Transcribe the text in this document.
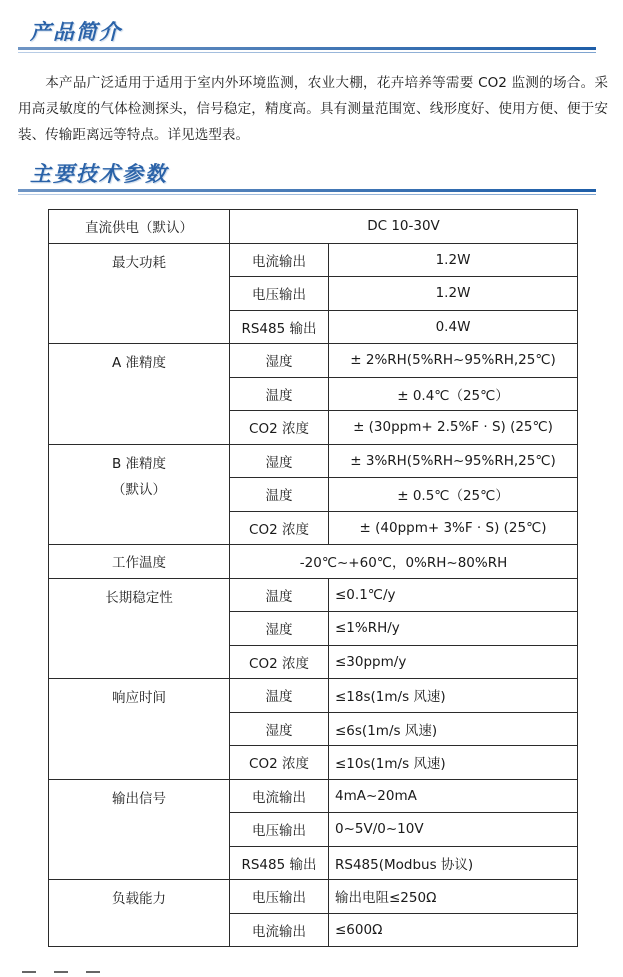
产品简介

本产品广泛适用于适用于室内外环境监测，农业大棚，花卉培养等需要 CO2 监测的场合。采用高灵敏度的气体检测探头，信号稳定，精度高。具有测量范围宽、线形度好、使用方便、便于安装、传输距离远等特点。详见选型表。

主要技术参数
直流供电（默认）	DC 10-30V	
最大功耗	电流输出	1.2W
	电压输出	1.2W
	RS485 输出	0.4W
A 准精度	湿度	± 2%RH(5%RH~95%RH,25℃)
	温度	± 0.4℃（25℃）
	CO2 浓度	± (30ppm+ 2.5%F · S) (25℃)
B 准精度
（默认）	湿度	± 3%RH(5%RH~95%RH,25℃)
	温度	± 0.5℃（25℃）
	CO2 浓度	± (40ppm+ 3%F · S) (25℃)
工作温度	-20℃~+60℃，0%RH~80%RH	
长期稳定性	温度	≤0.1℃/y
	湿度	≤1%RH/y
	CO2 浓度	≤30ppm/y
响应时间	温度	≤18s(1m/s 风速)
	湿度	≤6s(1m/s 风速)
	CO2 浓度	≤10s(1m/s 风速)
输出信号	电流输出	4mA~20mA
	电压输出	0~5V/0~10V
	RS485 输出	RS485(Modbus 协议)
负载能力	电压输出	输出电阻≤250Ω
	电流输出	≤600Ω
